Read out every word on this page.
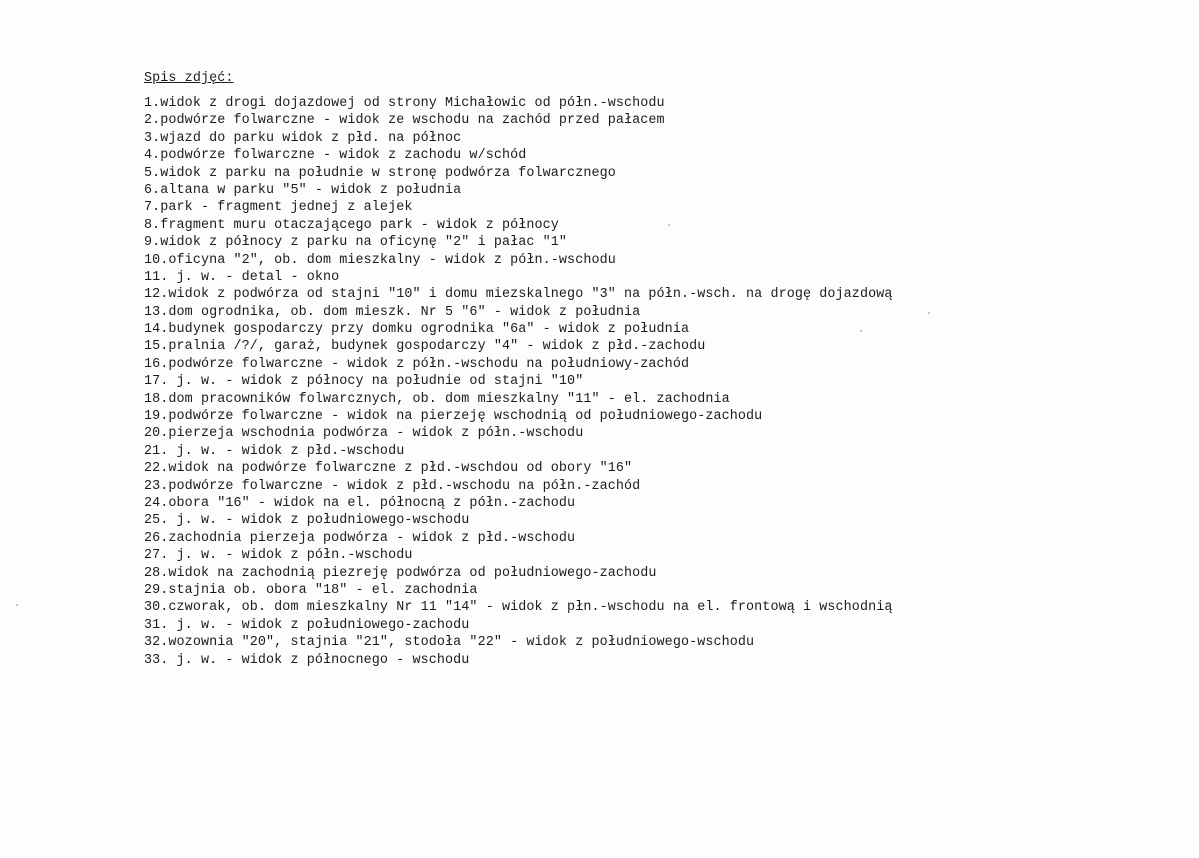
Spis zdjęć:
1.widok z drogi dojazdowej od strony Michałowic od półn.-wschodu
2.podwórze folwarczne - widok ze wschodu na zachód przed pałacem
3.wjazd do parku widok z płd. na północ
4.podwórze folwarczne - widok z zachodu w/schód
5.widok z parku na południe w stronę podwórza folwarcznego
6.altana w parku "5" - widok z południa
7.park - fragment jednej z alejek
8.fragment muru otaczającego park - widok z północy
9.widok z północy z parku na oficynę "2" i pałac "1"
10.oficyna "2", ob. dom mieszkalny - widok z półn.-wschodu
11. j. w. - detal - okno
12.widok z podwórza od stajni "10" i domu miezskalnego "3" na półn.-wsch. na drogę dojazdową
13.dom ogrodnika, ob. dom mieszk. Nr 5 "6" - widok z południa
14.budynek gospodarczy przy domku ogrodnika "6a" - widok z południa
15.pralnia /?/, garaż, budynek gospodarczy "4" - widok z płd.-zachodu
16.podwórze folwarczne - widok z półn.-wschodu na południowy-zachód
17. j. w. - widok z północy na południe od stajni "10"
18.dom pracowników folwarcznych, ob. dom mieszkalny "11" - el. zachodnia
19.podwórze folwarczne - widok na pierzeję wschodnią od południowego-zachodu
20.pierzeja wschodnia podwórza - widok z półn.-wschodu
21. j. w. - widok z płd.-wschodu
22.widok na podwórze folwarczne z płd.-wschdou od obory "16"
23.podwórze folwarczne - widok z płd.-wschodu na półn.-zachód
24.obora "16" - widok na el. północną z półn.-zachodu
25. j. w. - widok z południowego-wschodu
26.zachodnia pierzeja podwórza - widok z płd.-wschodu
27. j. w. - widok z półn.-wschodu
28.widok na zachodnią piezreję podwórza od południowego-zachodu
29.stajnia ob. obora "18" - el. zachodnia
30.czworak, ob. dom mieszkalny Nr 11 "14" - widok z płn.-wschodu na el. frontową i wschodnią
31. j. w. - widok z południowego-zachodu
32.wozownia "20", stajnia "21", stodoła "22" - widok z południowego-wschodu
33. j. w. - widok z północnego - wschodu
